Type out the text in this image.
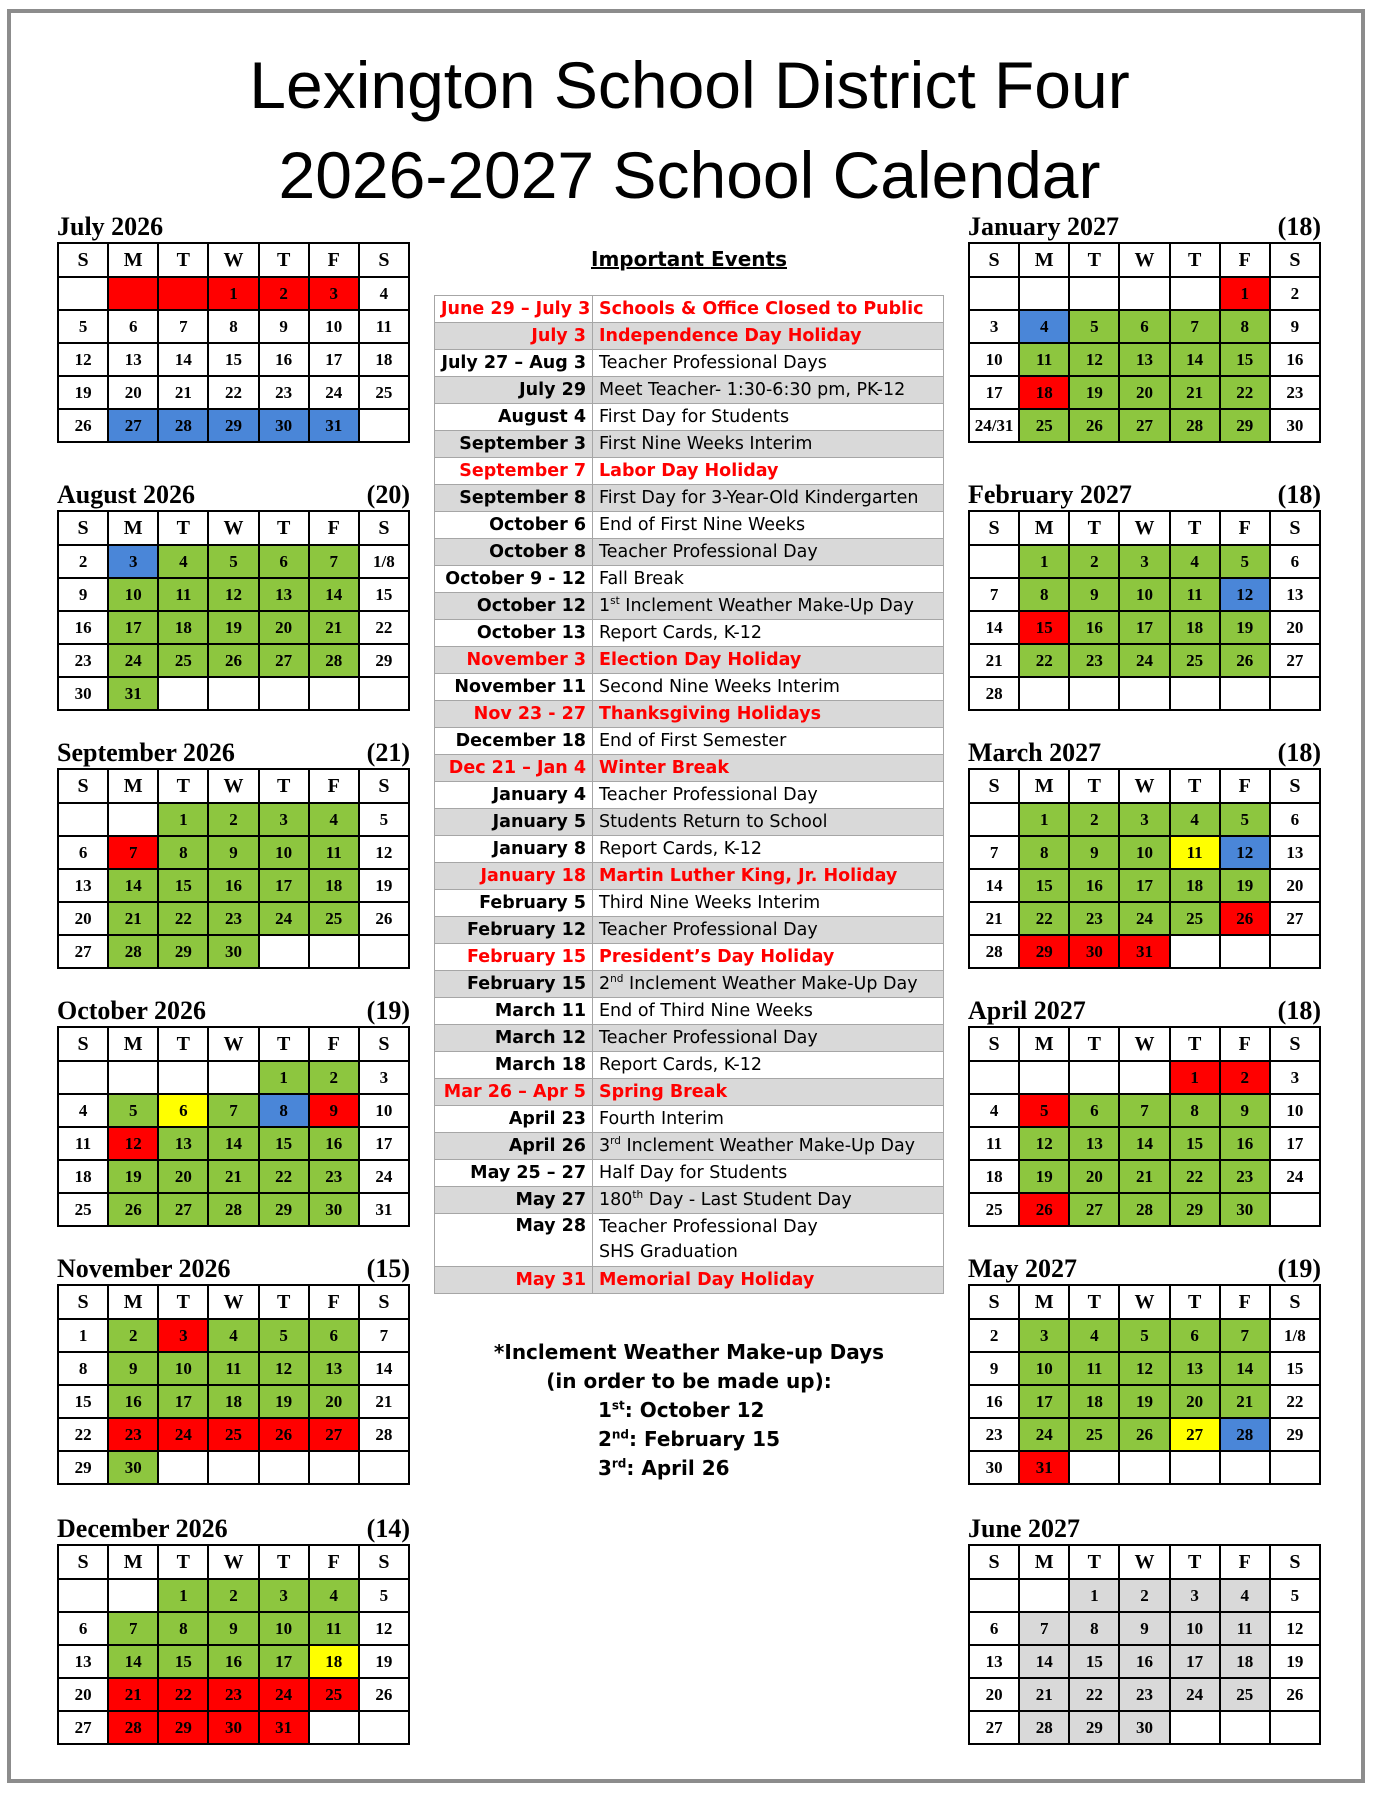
Lexington School District Four
2026-2027 School Calendar
Important Events
June 29 – July 3	Schools & Office Closed to Public
July 3	Independence Day Holiday
July 27 – Aug 3	Teacher Professional Days
July 29	Meet Teacher- 1:30-6:30 pm, PK-12
August 4	First Day for Students
September 3	First Nine Weeks Interim
September 7	Labor Day Holiday
September 8	First Day for 3-Year-Old Kindergarten
October 6	End of First Nine Weeks
October 8	Teacher Professional Day
October 9 - 12	Fall Break
October 12	1st Inclement Weather Make-Up Day
October 13	Report Cards, K-12
November 3	Election Day Holiday
November 11	Second Nine Weeks Interim
Nov 23 - 27	Thanksgiving Holidays
December 18	End of First Semester
Dec 21 – Jan 4	Winter Break
January 4	Teacher Professional Day
January 5	Students Return to School
January 8	Report Cards, K-12
January 18	Martin Luther King, Jr. Holiday
February 5	Third Nine Weeks Interim
February 12	Teacher Professional Day
February 15	President’s Day Holiday
February 15	2nd Inclement Weather Make-Up Day
March 11	End of Third Nine Weeks
March 12	Teacher Professional Day
March 18	Report Cards, K-12
Mar 26 – Apr 5	Spring Break
April 23	Fourth Interim
April 26	3rd Inclement Weather Make-Up Day
May 25 – 27	Half Day for Students
May 27	180th Day - Last Student Day
May 28	Teacher Professional Day
SHS Graduation
May 31	Memorial Day Holiday
*Inclement Weather Make-up Days
(in order to be made up):
1st: October 12
2nd: February 15
3rd: April 26
July 2026
S	M	T	W	T	F	S
			1	2	3	4
5	6	7	8	9	10	11
12	13	14	15	16	17	18
19	20	21	22	23	24	25
26	27	28	29	30	31	
August 2026	(20)
S	M	T	W	T	F	S
2	3	4	5	6	7	1/8
9	10	11	12	13	14	15
16	17	18	19	20	21	22
23	24	25	26	27	28	29
30	31					
September 2026	(21)
S	M	T	W	T	F	S
		1	2	3	4	5
6	7	8	9	10	11	12
13	14	15	16	17	18	19
20	21	22	23	24	25	26
27	28	29	30			
October 2026	(19)
S	M	T	W	T	F	S
				1	2	3
4	5	6	7	8	9	10
11	12	13	14	15	16	17
18	19	20	21	22	23	24
25	26	27	28	29	30	31
November 2026	(15)
S	M	T	W	T	F	S
1	2	3	4	5	6	7
8	9	10	11	12	13	14
15	16	17	18	19	20	21
22	23	24	25	26	27	28
29	30					
December 2026	(14)
S	M	T	W	T	F	S
		1	2	3	4	5
6	7	8	9	10	11	12
13	14	15	16	17	18	19
20	21	22	23	24	25	26
27	28	29	30	31		
January 2027	(18)
S	M	T	W	T	F	S
					1	2
3	4	5	6	7	8	9
10	11	12	13	14	15	16
17	18	19	20	21	22	23
24/31	25	26	27	28	29	30
February 2027	(18)
S	M	T	W	T	F	S
	1	2	3	4	5	6
7	8	9	10	11	12	13
14	15	16	17	18	19	20
21	22	23	24	25	26	27
28						
March 2027	(18)
S	M	T	W	T	F	S
	1	2	3	4	5	6
7	8	9	10	11	12	13
14	15	16	17	18	19	20
21	22	23	24	25	26	27
28	29	30	31			
April 2027	(18)
S	M	T	W	T	F	S
				1	2	3
4	5	6	7	8	9	10
11	12	13	14	15	16	17
18	19	20	21	22	23	24
25	26	27	28	29	30	
May 2027	(19)
S	M	T	W	T	F	S
2	3	4	5	6	7	1/8
9	10	11	12	13	14	15
16	17	18	19	20	21	22
23	24	25	26	27	28	29
30	31					
June 2027
S	M	T	W	T	F	S
		1	2	3	4	5
6	7	8	9	10	11	12
13	14	15	16	17	18	19
20	21	22	23	24	25	26
27	28	29	30			
